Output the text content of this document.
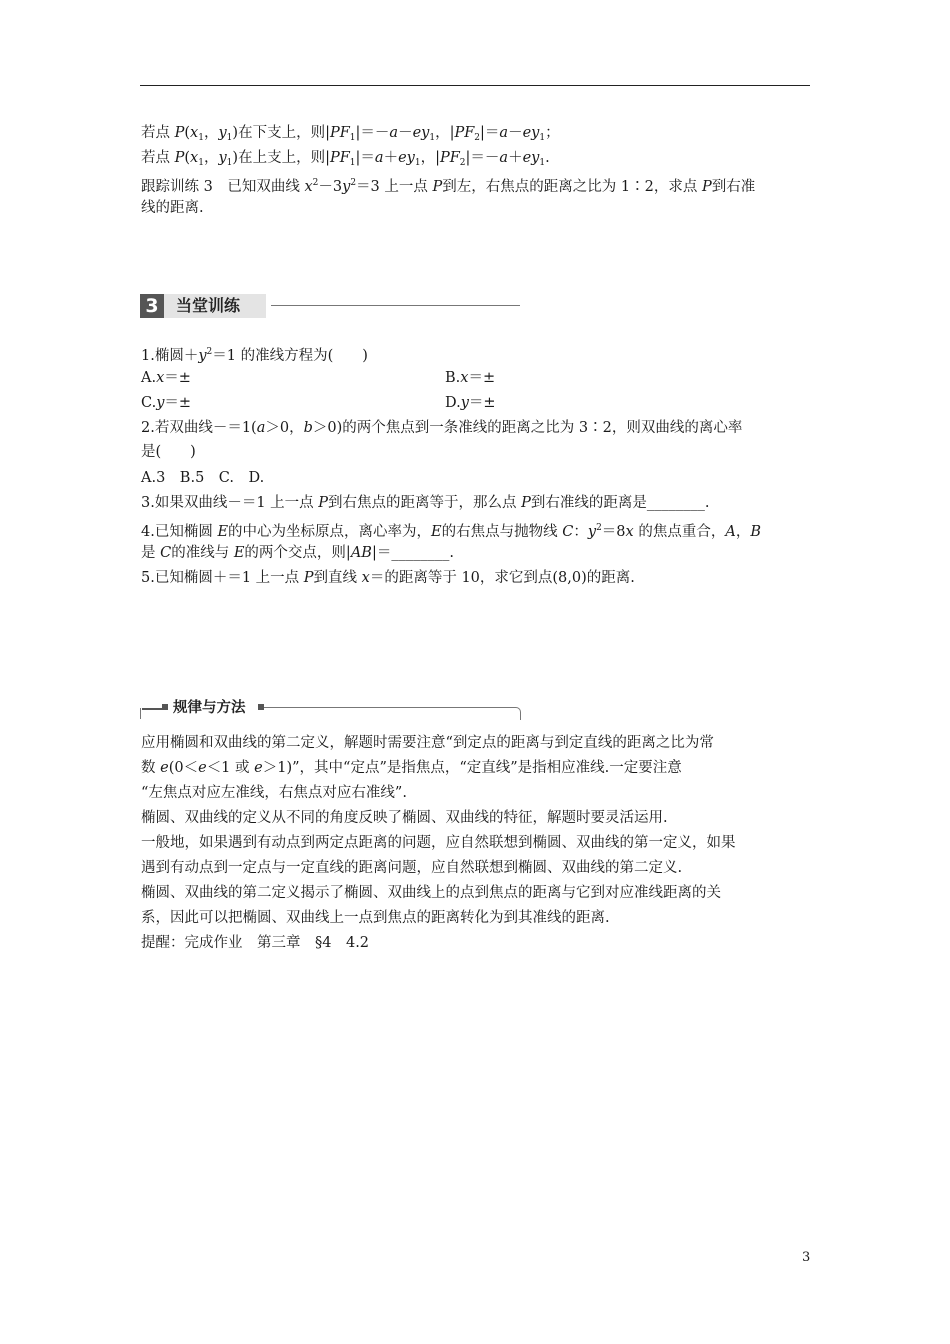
若点 $P(x_1$，$y_1$)在下支上，则$|PF_1|=-a-ey_1$，$|PF_2|=a-ey_1$；
若点 $P(x_1$，$y_1$)在上支上，则$|PF_1|=a+ey_1$，$|PF_2|=-a+ey_1$.
跟踪训练 3　已知双曲线 $x^2-3y^2=3$ 上一点 P到左，右焦点的距离之比为 1∶2，求点 P到右准
线的距离.
3	当堂训练
1.椭圆$+y^2=1$ 的准线方程为(　　)
A.x＝±	B.x＝±
C.y＝±	D.y＝±
2.若双曲线－＝1(a＞0，b＞0)的两个焦点到一条准线的距离之比为 3∶2，则双曲线的离心率
是(　　)
A.3　B.5　C.　D.
3.如果双曲线－＝1 上一点 P到右焦点的距离等于，那么点 P到右准线的距离是________.
4.已知椭圆 E的中心为坐标原点，离心率为，E的右焦点与抛物线 C：$y^2=8x$ 的焦点重合，A，B
是 C的准线与 E的两个交点，则|AB|＝________.
5.已知椭圆＋＝1 上一点 P到直线 x＝的距离等于 10，求它到点(8,0)的距离.
规律与方法
应用椭圆和双曲线的第二定义，解题时需要注意“到定点的距离与到定直线的距离之比为常
数 e(0＜e＜1 或 e＞1)”，其中“定点”是指焦点，“定直线”是指相应准线.一定要注意
“左焦点对应左准线，右焦点对应右准线”.
椭圆、双曲线的定义从不同的角度反映了椭圆、双曲线的特征，解题时要灵活运用.
一般地，如果遇到有动点到两定点距离的问题，应自然联想到椭圆、双曲线的第一定义，如果
遇到有动点到一定点与一定直线的距离问题，应自然联想到椭圆、双曲线的第二定义.
椭圆、双曲线的第二定义揭示了椭圆、双曲线上的点到焦点的距离与它到对应准线距离的关
系，因此可以把椭圆、双曲线上一点到焦点的距离转化为到其准线的距离.
提醒：完成作业　第三章　§4　4.2
3
